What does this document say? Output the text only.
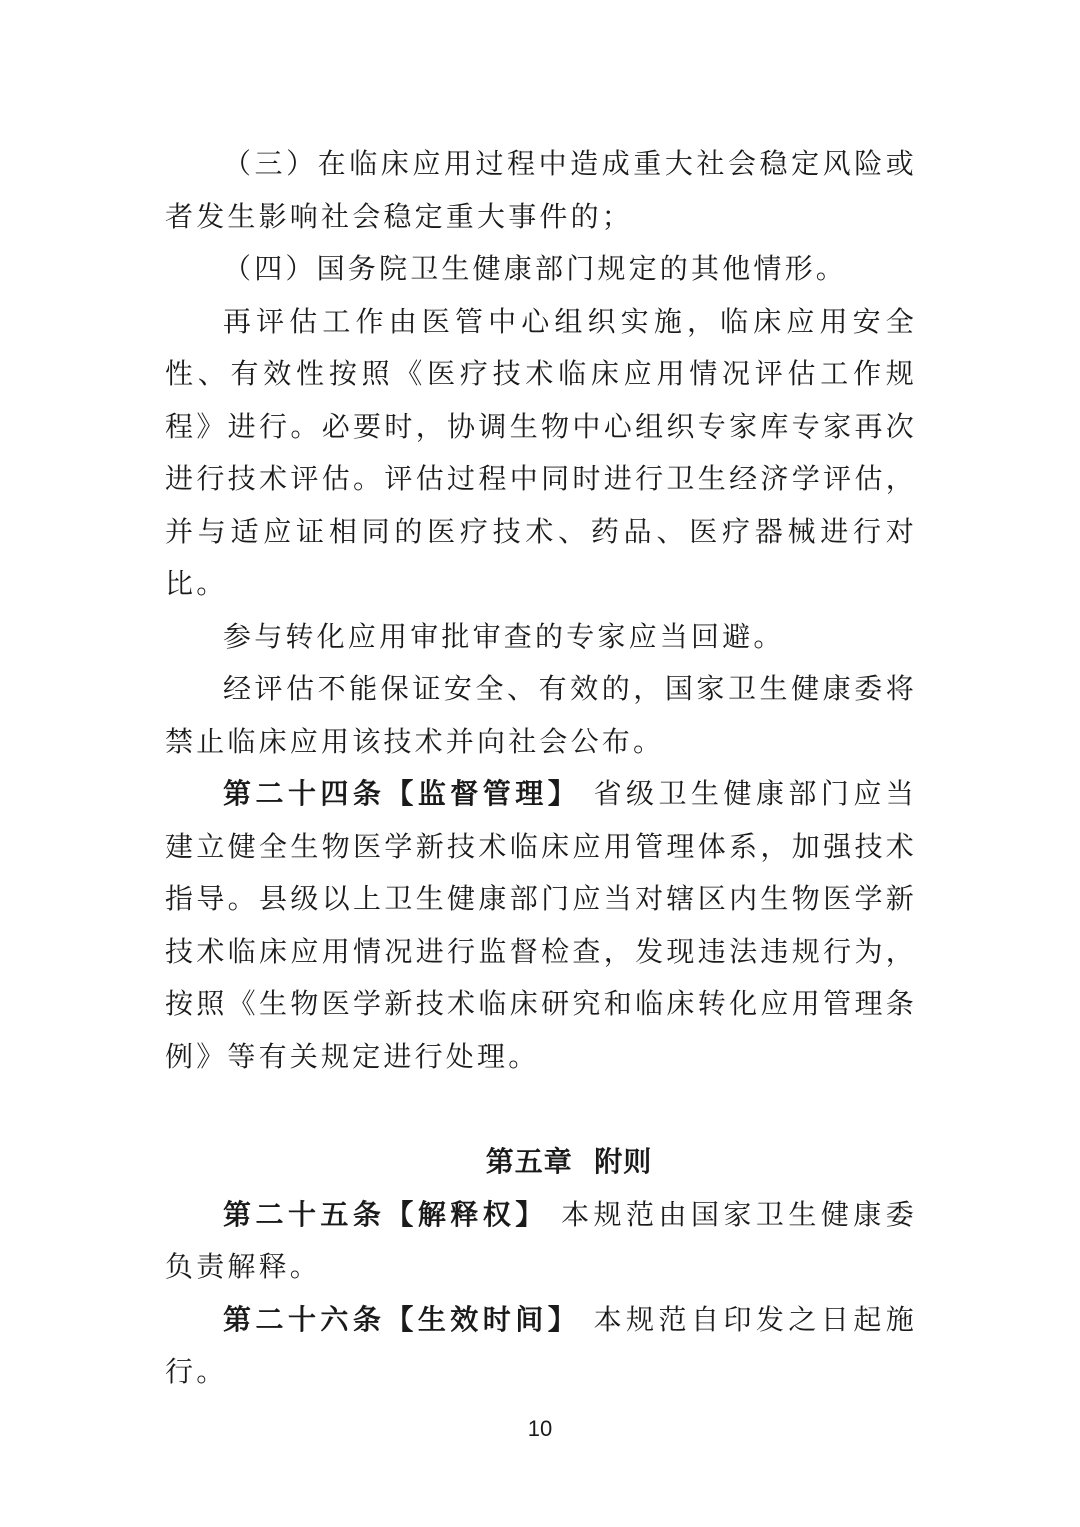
（三）在临床应用过程中造成重大社会稳定风险或者发生影响社会稳定重大事件的；

（四）国务院卫生健康部门规定的其他情形。

再评估工作由医管中心组织实施，临床应用安全性、有效性按照《医疗技术临床应用情况评估工作规程》进行。必要时，协调生物中心组织专家库专家再次进行技术评估。评估过程中同时进行卫生经济学评估，并与适应证相同的医疗技术、药品、医疗器械进行对比。

参与转化应用审批审查的专家应当回避。

经评估不能保证安全、有效的，国家卫生健康委将禁止临床应用该技术并向社会公布。

第二十四条【监督管理】 省级卫生健康部门应当建立健全生物医学新技术临床应用管理体系，加强技术指导。县级以上卫生健康部门应当对辖区内生物医学新技术临床应用情况进行监督检查，发现违法违规行为，按照《生物医学新技术临床研究和临床转化应用管理条例》等有关规定进行处理。

第五章  附则

第二十五条【解释权】 本规范由国家卫生健康委负责解释。

第二十六条【生效时间】 本规范自印发之日起施行。

10
